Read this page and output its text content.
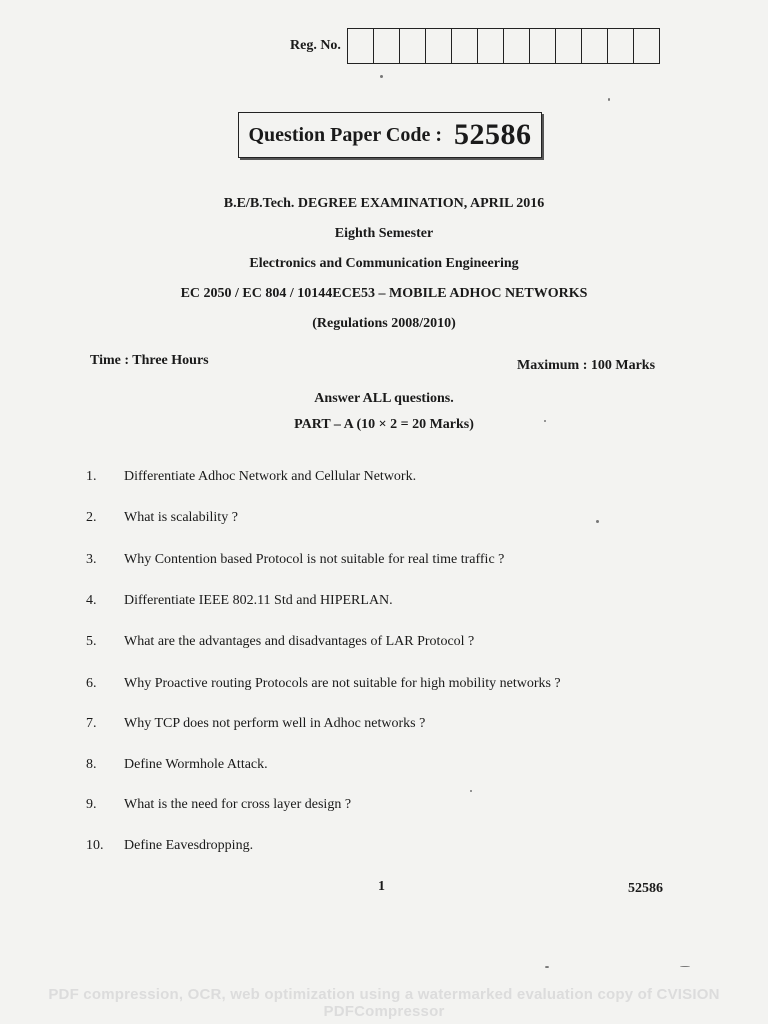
Reg. No.
Question Paper Code : 52586
B.E/B.Tech. DEGREE EXAMINATION, APRIL 2016
Eighth Semester
Electronics and Communication Engineering
EC 2050 / EC 804 / 10144ECE53 – MOBILE ADHOC NETWORKS
(Regulations 2008/2010)
Time : Three Hours	Maximum : 100 Marks
Answer ALL questions.
PART – A (10 × 2 = 20 Marks)
1.	Differentiate Adhoc Network and Cellular Network.
2.	What is scalability ?
3.	Why Contention based Protocol is not suitable for real time traffic ?
4.	Differentiate IEEE 802.11 Std and HIPERLAN.
5.	What are the advantages and disadvantages of LAR Protocol ?
6.	Why Proactive routing Protocols are not suitable for high mobility networks ?
7.	Why TCP does not perform well in Adhoc networks ?
8.	Define Wormhole Attack.
9.	What is the need for cross layer design ?
10.	Define Eavesdropping.
1	52586
PDF compression, OCR, web optimization using a watermarked evaluation copy of CVISION PDFCompressor
